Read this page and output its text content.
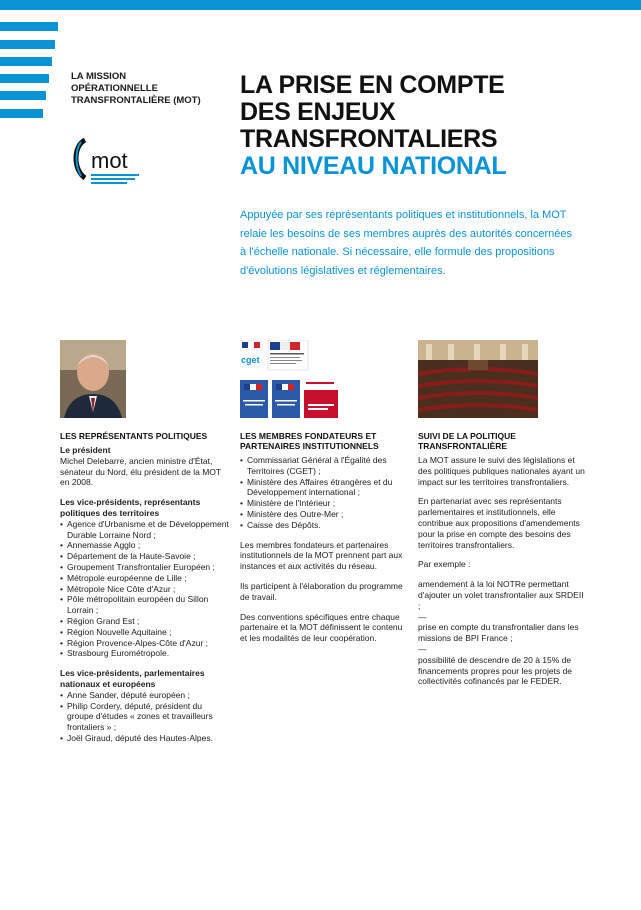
LA MISSION OPÉRATIONNELLE TRANSFRONTALIÈRE (MOT)
mot
LA PRISE EN COMPTE
DES ENJEUX
TRANSFRONTALIERS
AU NIVEAU NATIONAL

Appuyée par ses représentants politiques et institutionnels, la MOT relaie les besoins de ses membres auprès des autorités concernées à l'échelle nationale. Si nécessaire, elle formule des propositions d'évolutions législatives et réglementaires.

LES REPRÉSENTANTS POLITIQUES

Le président

Michel Delebarre, ancien ministre d'État, sénateur du Nord, élu président de la MOT en 2008.

Les vice-présidents, représentants politiques des territoires

• Agence d'Urbanisme et de Développement Durable Lorraine Nord ;
• Annemasse Agglo ;
• Département de la Haute-Savoie ;
• Groupement Transfrontalier Européen ;
• Métropole européenne de Lille ;
• Métropole Nice Côte d'Azur ;
• Pôle métropolitain européen du Sillon Lorrain ;
• Région Grand Est ;
• Région Nouvelle Aquitaine ;
• Région Provence-Alpes-Côte d'Azur ;
• Strasbourg Eurométropole.

Les vice-présidents, parlementaires nationaux et européens

• Anne Sander, député européen ;
• Philip Cordery, député, président du groupe d'études « zones et travailleurs frontaliers » ;
• Joël Giraud, député des Hautes-Alpes.
cget
LES MEMBRES FONDATEURS ET PARTENAIRES INSTITUTIONNELS
• Commissariat Général à l'Égalité des Territoires (CGET) ;
• Ministère des Affaires étrangères et du Développement international ;
• Ministère de l'Intérieur ;
• Ministère des Outre-Mer ;
• Caisse des Dépôts.

Les membres fondateurs et partenaires institutionnels de la MOT prennent part aux instances et aux activités du réseau.

Ils participent à l'élaboration du programme de travail.

Des conventions spécifiques entre chaque partenaire et la MOT définissent le contenu et les modalités de leur coopération.

SUIVI DE LA POLITIQUE TRANSFRONTALIÈRE

La MOT assure le suivi des législations et des politiques publiques nationales ayant un impact sur les territoires transfrontaliers.

En partenariat avec ses représentants parlementaires et institutionnels, elle contribue aux propositions d'amendements pour la prise en compte des besoins des territoires transfrontaliers.

Par exemple :

amendement à la loi NOTRe permettant d'ajouter un volet transfrontalier aux SRDEII ;

—

prise en compte du transfrontalier dans les missions de BPI France ;

—

possibilité de descendre de 20 à 15% de financements propres pour les projets de collectivités cofinancés par le FEDER.
